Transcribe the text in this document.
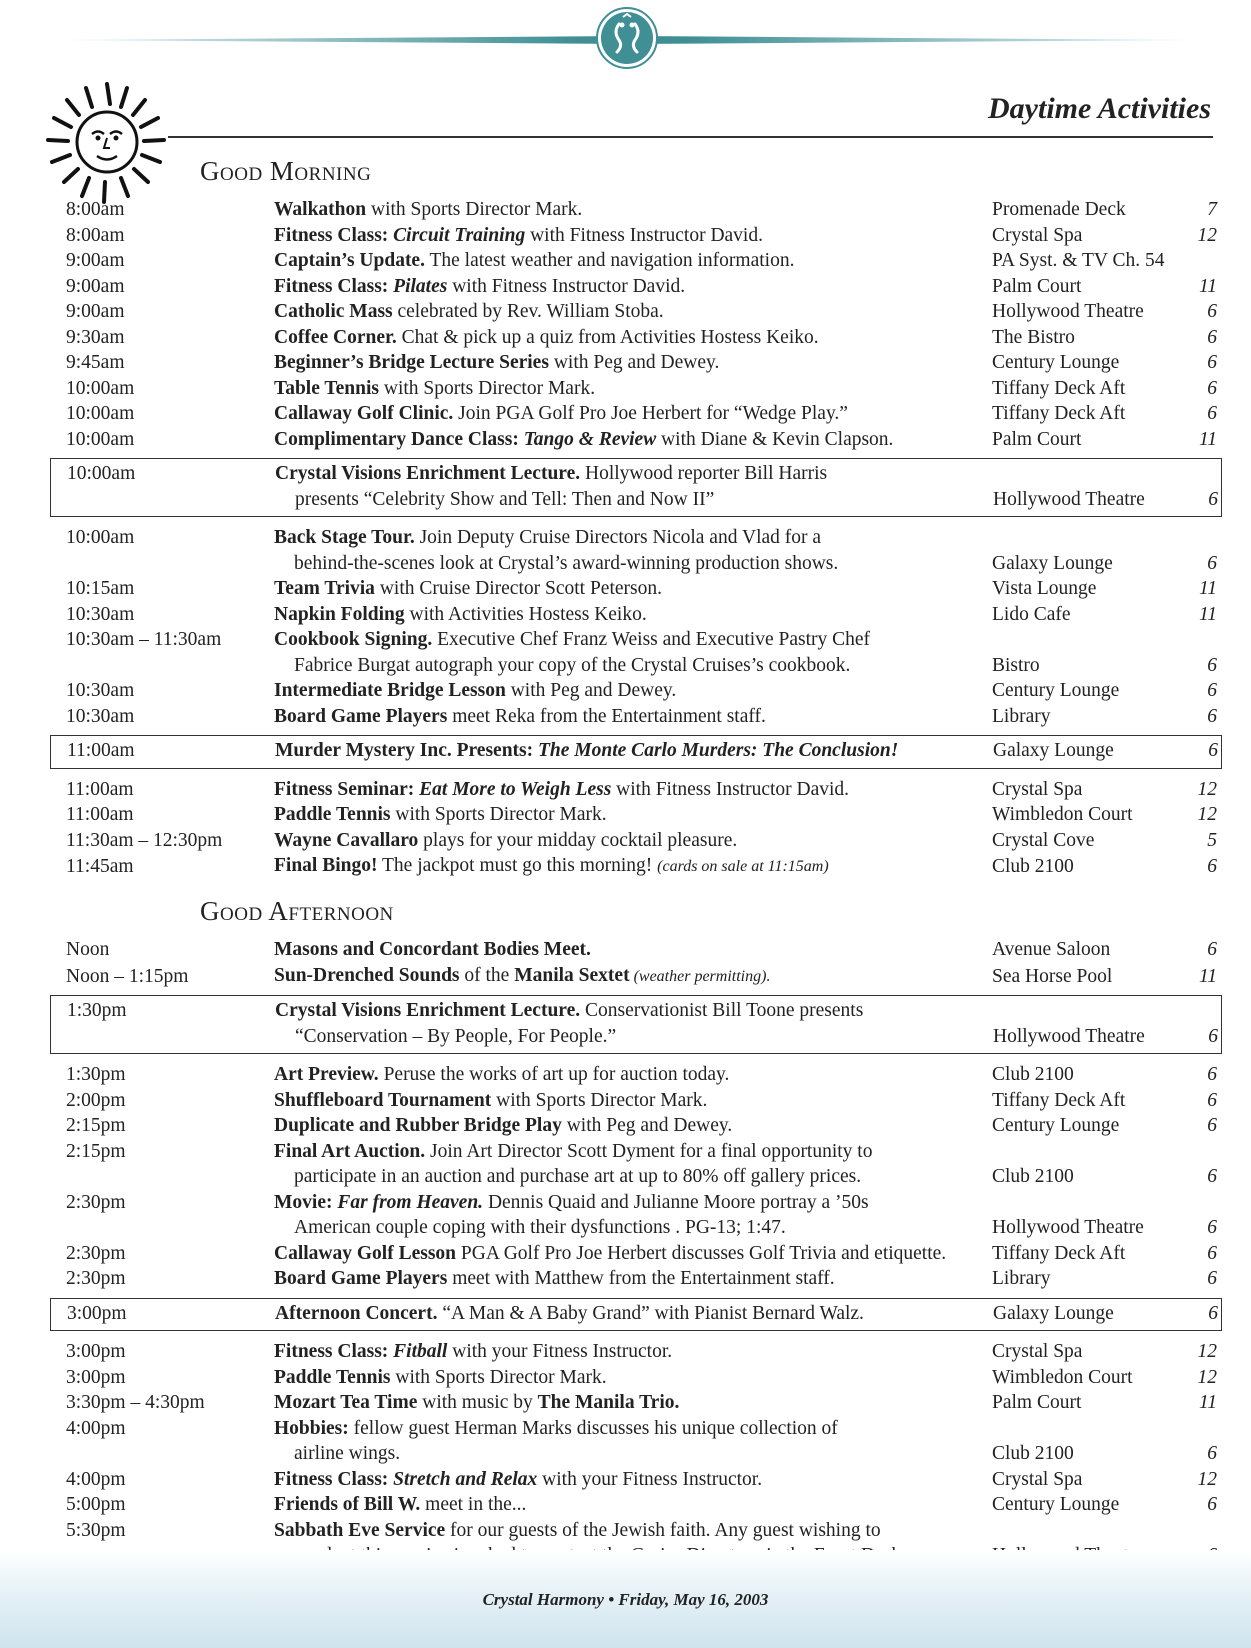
Daytime Activities
Good Morning
8:00am	Walkathon with Sports Director Mark.	Promenade Deck	7
8:00am	Fitness Class: Circuit Training with Fitness Instructor David.	Crystal Spa	12
9:00am	Captain’s Update. The latest weather and navigation information.	PA Syst. & TV Ch. 54
9:00am	Fitness Class: Pilates with Fitness Instructor David.	Palm Court	11
9:00am	Catholic Mass celebrated by Rev. William Stoba.	Hollywood Theatre	6
9:30am	Coffee Corner. Chat & pick up a quiz from Activities Hostess Keiko.	The Bistro	6
9:45am	Beginner’s Bridge Lecture Series with Peg and Dewey.	Century Lounge	6
10:00am	Table Tennis with Sports Director Mark.	Tiffany Deck Aft	6
10:00am	Callaway Golf Clinic. Join PGA Golf Pro Joe Herbert for “Wedge Play.”	Tiffany Deck Aft	6
10:00am	Complimentary Dance Class: Tango & Review with Diane & Kevin Clapson.	Palm Court	11
10:00am	Crystal Visions Enrichment Lecture. Hollywood reporter Bill Harris
presents “Celebrity Show and Tell: Then and Now II”	Hollywood Theatre	6
10:00am	Back Stage Tour. Join Deputy Cruise Directors Nicola and Vlad for a
behind-the-scenes look at Crystal’s award-winning production shows.	Galaxy Lounge	6
10:15am	Team Trivia with Cruise Director Scott Peterson.	Vista Lounge	11
10:30am	Napkin Folding with Activities Hostess Keiko.	Lido Cafe	11
10:30am – 11:30am	Cookbook Signing. Executive Chef Franz Weiss and Executive Pastry Chef
Fabrice Burgat autograph your copy of the Crystal Cruises’s cookbook.	Bistro	6
10:30am	Intermediate Bridge Lesson with Peg and Dewey.	Century Lounge	6
10:30am	Board Game Players meet Reka from the Entertainment staff.	Library	6
11:00am	Murder Mystery Inc. Presents: The Monte Carlo Murders: The Conclusion!	Galaxy Lounge	6
11:00am	Fitness Seminar: Eat More to Weigh Less with Fitness Instructor David.	Crystal Spa	12
11:00am	Paddle Tennis with Sports Director Mark.	Wimbledon Court	12
11:30am – 12:30pm	Wayne Cavallaro plays for your midday cocktail pleasure.	Crystal Cove	5
11:45am	Final Bingo! The jackpot must go this morning! (cards on sale at 11:15am)	Club 2100	6
Good Afternoon
Noon	Masons and Concordant Bodies Meet.	Avenue Saloon	6
Noon – 1:15pm	Sun-Drenched Sounds of the Manila Sextet (weather permitting).	Sea Horse Pool	11
1:30pm	Crystal Visions Enrichment Lecture. Conservationist Bill Toone presents
“Conservation – By People, For People.”	Hollywood Theatre	6
1:30pm	Art Preview. Peruse the works of art up for auction today.	Club 2100	6
2:00pm	Shuffleboard Tournament with Sports Director Mark.	Tiffany Deck Aft	6
2:15pm	Duplicate and Rubber Bridge Play with Peg and Dewey.	Century Lounge	6
2:15pm	Final Art Auction. Join Art Director Scott Dyment for a final opportunity to
participate in an auction and purchase art at up to 80% off gallery prices.	Club 2100	6
2:30pm	Movie: Far from Heaven. Dennis Quaid and Julianne Moore portray a ’50s
American couple coping with their dysfunctions . PG-13; 1:47.	Hollywood Theatre	6
2:30pm	Callaway Golf Lesson PGA Golf Pro Joe Herbert discusses Golf Trivia and etiquette.	Tiffany Deck Aft	6
2:30pm	Board Game Players meet with Matthew from the Entertainment staff.	Library	6
3:00pm	Afternoon Concert. “A Man & A Baby Grand” with Pianist Bernard Walz.	Galaxy Lounge	6
3:00pm	Fitness Class: Fitball with your Fitness Instructor.	Crystal Spa	12
3:00pm	Paddle Tennis with Sports Director Mark.	Wimbledon Court	12
3:30pm – 4:30pm	Mozart Tea Time with music by The Manila Trio.	Palm Court	11
4:00pm	Hobbies: fellow guest Herman Marks discusses his unique collection of
airline wings.	Club 2100	6
4:00pm	Fitness Class: Stretch and Relax with your Fitness Instructor.	Crystal Spa	12
5:00pm	Friends of Bill W. meet in the...	Century Lounge	6
5:30pm	Sabbath Eve Service for our guests of the Jewish faith. Any guest wishing to
Crystal Harmony • Friday, May 16, 2003
